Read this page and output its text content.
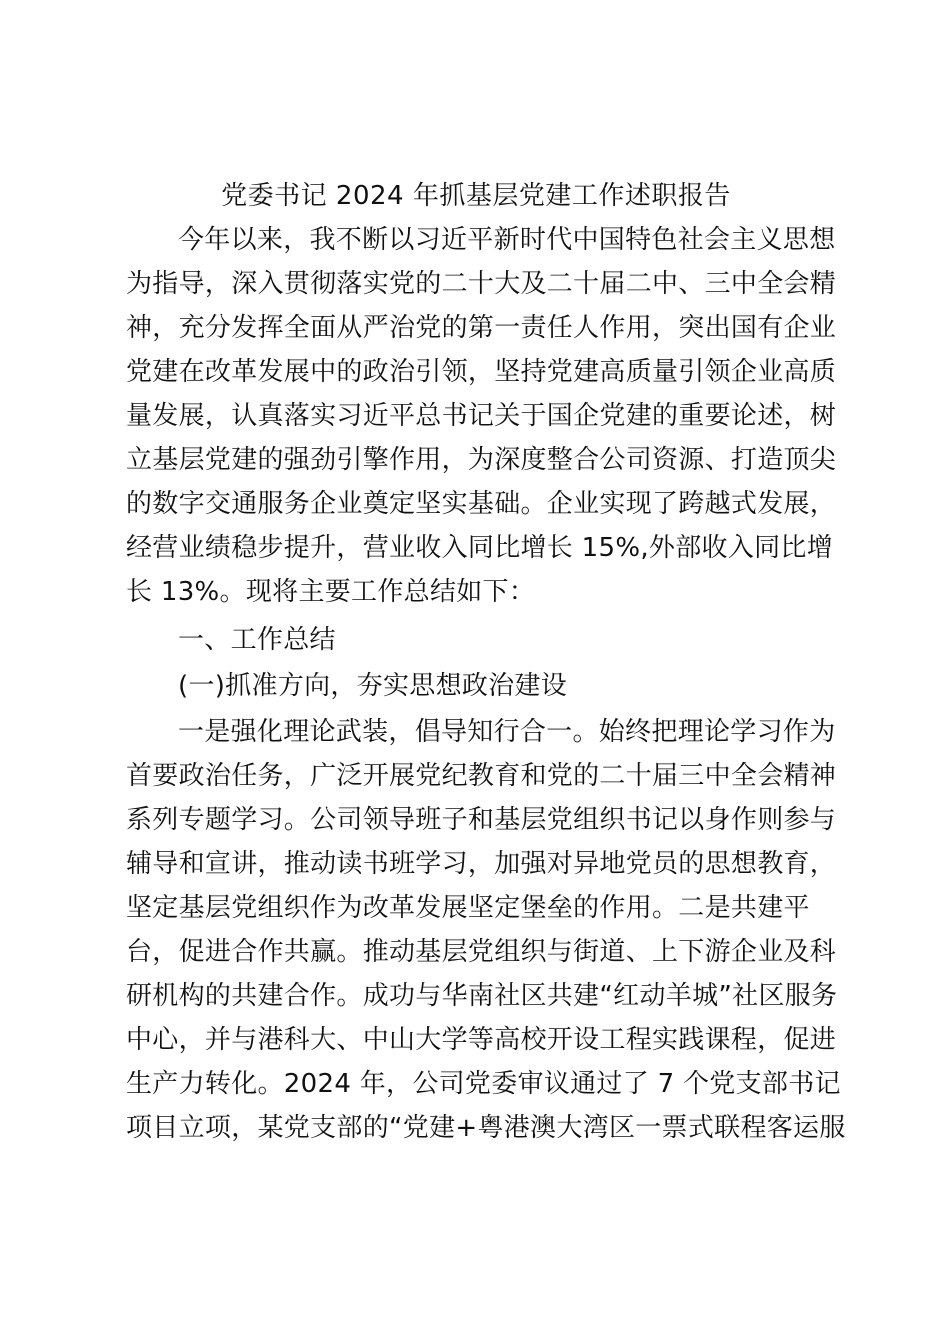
党委书记 2024 年抓基层党建工作述职报告

今年以来，我不断以习近平新时代中国特色社会主义思想

为指导，深入贯彻落实党的二十大及二十届二中、三中全会精

神，充分发挥全面从严治党的第一责任人作用，突出国有企业

党建在改革发展中的政治引领，坚持党建高质量引领企业高质

量发展，认真落实习近平总书记关于国企党建的重要论述，树

立基层党建的强劲引擎作用，为深度整合公司资源、打造顶尖

的数字交通服务企业奠定坚实基础。企业实现了跨越式发展，

经营业绩稳步提升，营业收入同比增长 15%,外部收入同比增

长 13%。现将主要工作总结如下：

一、工作总结

(一)抓准方向，夯实思想政治建设

一是强化理论武装，倡导知行合一。始终把理论学习作为

首要政治任务，广泛开展党纪教育和党的二十届三中全会精神

系列专题学习。公司领导班子和基层党组织书记以身作则参与

辅导和宣讲，推动读书班学习，加强对异地党员的思想教育，

坚定基层党组织作为改革发展坚定堡垒的作用。二是共建平

台，促进合作共赢。推动基层党组织与街道、上下游企业及科

研机构的共建合作。成功与华南社区共建“红动羊城”社区服务

中心，并与港科大、中山大学等高校开设工程实践课程，促进

生产力转化。2024 年，公司党委审议通过了 7 个党支部书记

项目立项，某党支部的“党建+粤港澳大湾区一票式联程客运服
